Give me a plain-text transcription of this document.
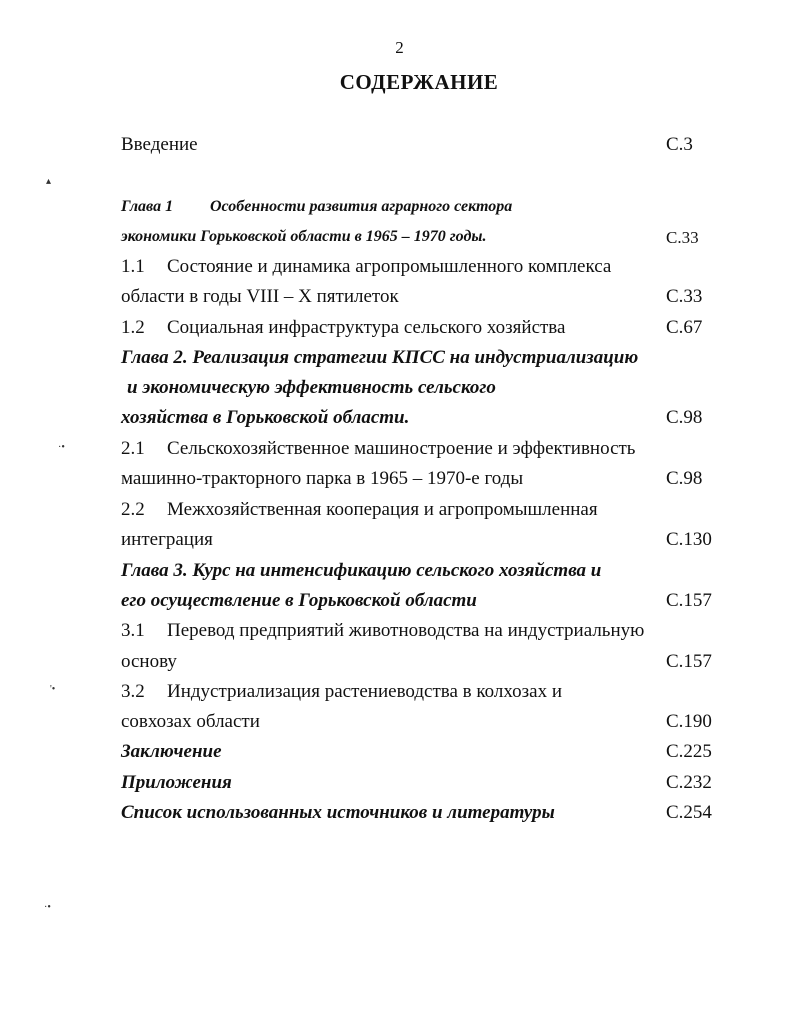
2
СОДЕРЖАНИЕ
Введение	С.3
Глава 1 Особенности развития аграрного сектора
экономики Горьковской области в 1965 – 1970 годы.	С.33
1.1 Состояние и динамика агропромышленного комплекса
области в годы VIII – X пятилеток	С.33
1.2 Социальная инфраструктура сельского хозяйства	С.67
Глава 2. Реализация стратегии КПСС на индустриализацию
и экономическую эффективность сельского
хозяйства в Горьковской области.	С.98
2.1 Сельскохозяйственное машиностроение и эффективность
машинно-тракторного парка в 1965 – 1970-е годы	С.98
2.2 Межхозяйственная кооперация и агропромышленная
интеграция	С.130
Глава 3. Курс на интенсификацию сельского хозяйства и
его осуществление в Горьковской области	С.157
3.1 Перевод предприятий животноводства на индустриальную
основу	С.157
3.2 Индустриализация растениеводства в колхозах и
совхозах области	С.190
Заключение	С.225
Приложения	С.232
Список использованных источников и литературы	С.254
▴
·•
'•
·•
